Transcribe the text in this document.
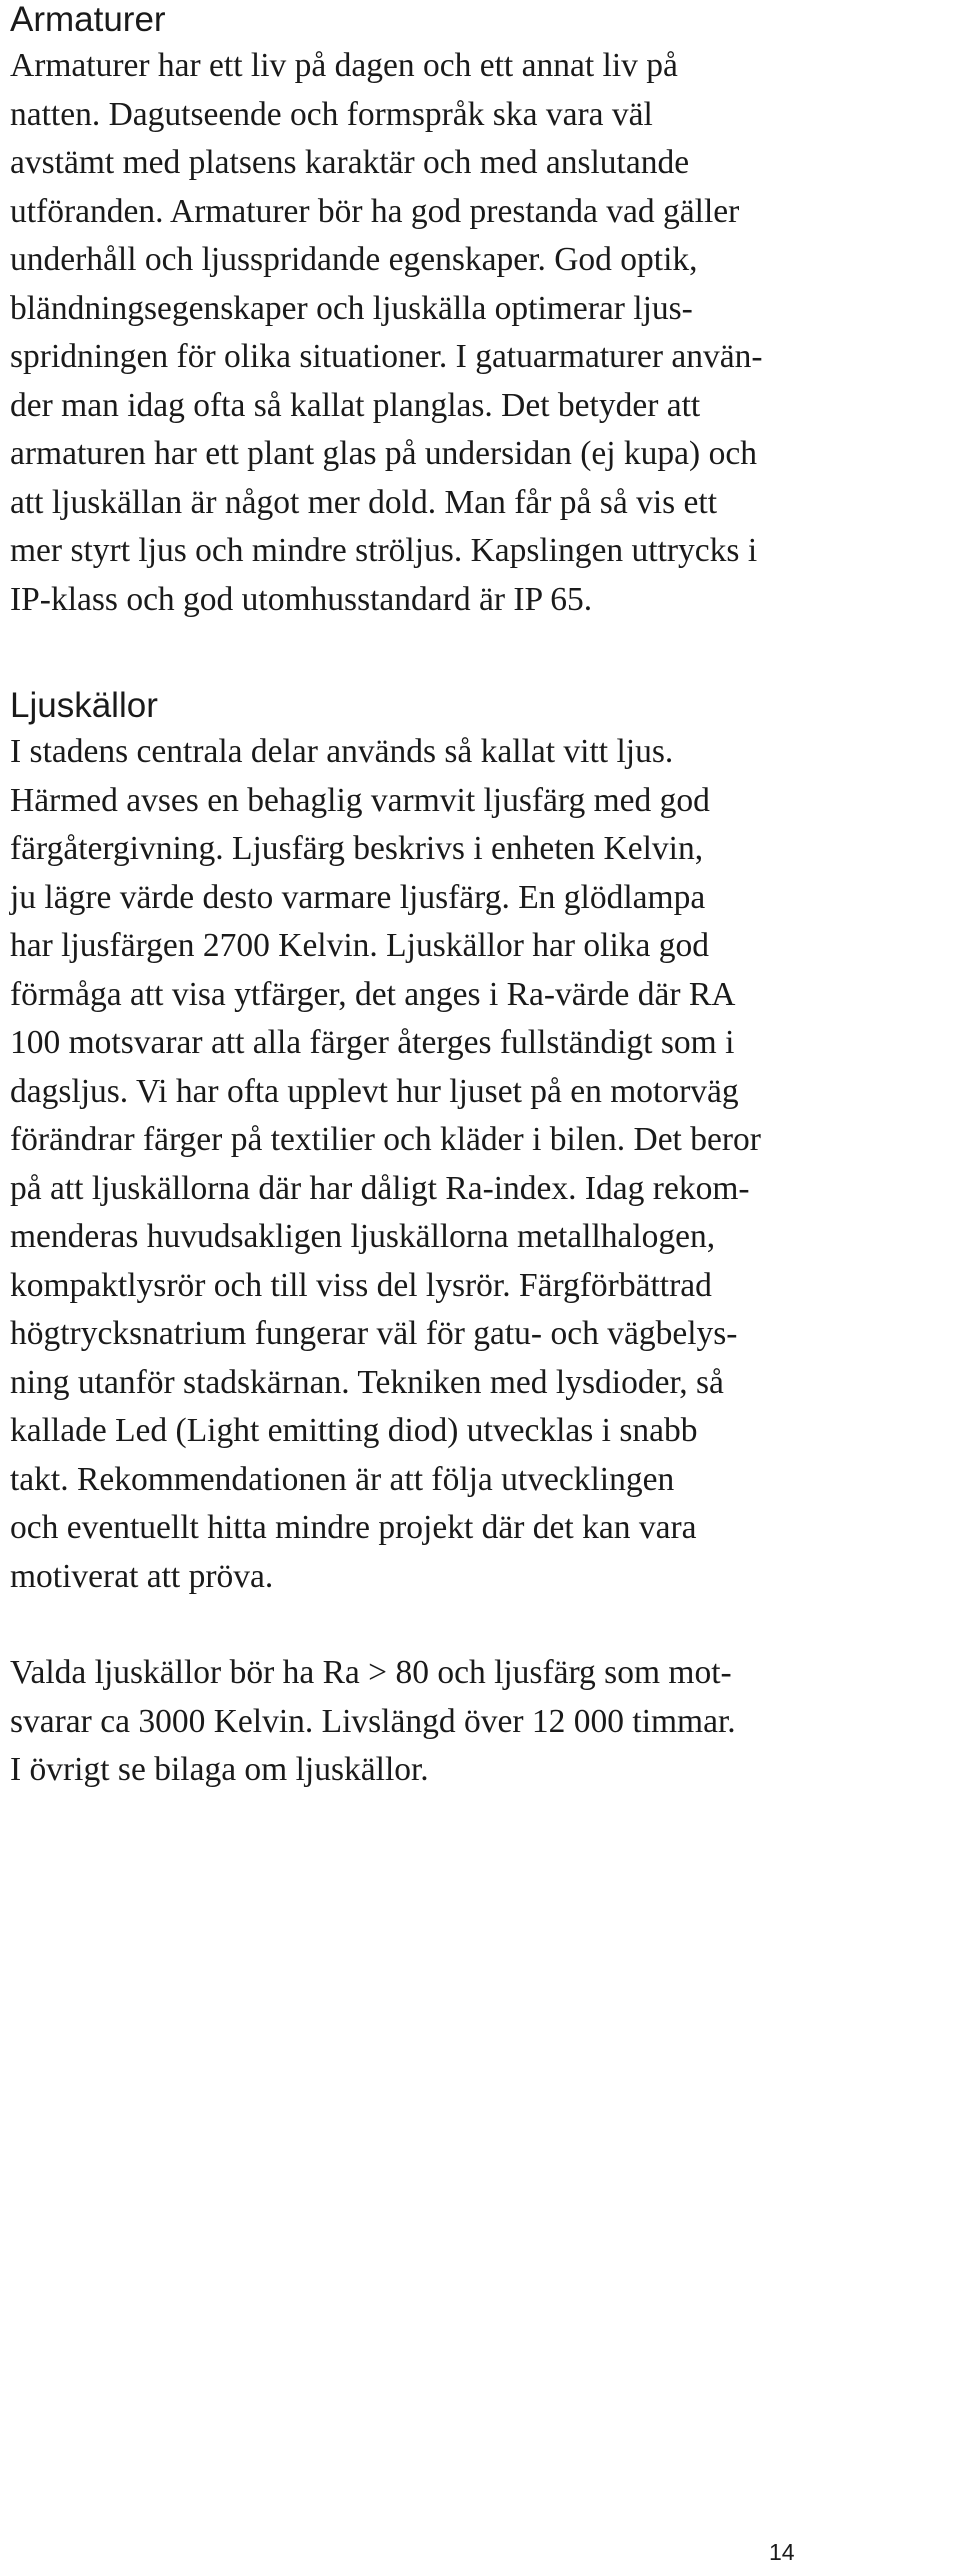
Armaturer
Armaturer har ett liv på dagen och ett annat liv på
natten. Dagutseende och formspråk ska vara väl
avstämt med platsens karaktär och med anslutande
utföranden. Armaturer bör ha god prestanda vad gäller
underhåll och ljusspridande egenskaper. God optik,
bländningsegenskaper och ljuskälla optimerar ljus-
spridningen för olika situationer. I gatuarmaturer använ-
der man idag ofta så kallat planglas. Det betyder att
armaturen har ett plant glas på undersidan (ej kupa) och
att ljuskällan är något mer dold. Man får på så vis ett
mer styrt ljus och mindre ströljus. Kapslingen uttrycks i
IP-klass och god utomhusstandard är IP 65.
Ljuskällor
I stadens centrala delar används så kallat vitt ljus.
Härmed avses en behaglig varmvit ljusfärg med god
färgåtergivning. Ljusfärg beskrivs i enheten Kelvin,
ju lägre värde desto varmare ljusfärg. En glödlampa
har ljusfärgen 2700 Kelvin. Ljuskällor har olika god
förmåga att visa ytfärger, det anges i Ra-värde där RA
100 motsvarar att alla färger återges fullständigt som i
dagsljus. Vi har ofta upplevt hur ljuset på en motorväg
förändrar färger på textilier och kläder i bilen. Det beror
på att ljuskällorna där har dåligt Ra-index. Idag rekom-
menderas huvudsakligen ljuskällorna metallhalogen,
kompaktlysrör och till viss del lysrör. Färgförbättrad
högtrycksnatrium fungerar väl för gatu- och vägbelys-
ning utanför stadskärnan. Tekniken med lysdioder, så
kallade Led (Light emitting diod) utvecklas i snabb
takt. Rekommendationen är att följa utvecklingen
och eventuellt hitta mindre projekt där det kan vara
motiverat att pröva.
Valda ljuskällor bör ha Ra > 80 och ljusfärg som mot-
svarar ca 3000 Kelvin. Livslängd över 12 000 timmar.
I övrigt se bilaga om ljuskällor.
14
